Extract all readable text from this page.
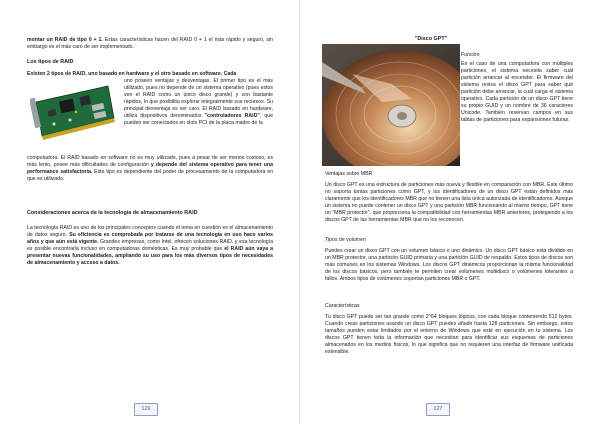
montar un RAID de tipo 0 + 1. Estas características hacen del RAID 0 + 1 el más rápido y seguro, sin embargo es el más caro de ser implementado.

Los tipos de RAID

Existen 2 tipos de RAID, uno basado en hardware y el otro basado en software. Cada

uno poseen ventajas y desventajas. El primer tipo es el más utilizado, pues no depende de un sistema operativo (pues estos ven el RAID como un único disco grande) y son bastante rápidos, lo que posibilita explorar integralmente sus recursos. Su principal desventaja es ser caro. El RAID basado en hardware, utiliza dispositivos denominados "controladores RAID", que pueden ser conectados en slots PCI de la placa madre de la

computadora. El RAID basado en software no es muy utilizado, pues a pesar de ser menos costoso, es más lento, posee más dificultades de configuración y depende del sistema operativo para tener una performance satisfactoria. Este tipo es dependiente del poder de procesamiento de la computadora en que es utilizado.

Consideraciones acerca de la tecnología de almacenamiento RAID

La tecnología RAID es uno de los principales conceptos cuando el tema en cuestión es el almacenamiento de datos seguro. Su eficiencia es comprobada por tratarse de una tecnología en uso hace varios años y que aún está vigente. Grandes empresas, como Intel, ofrecen soluciones RAID, y esa tecnología es posible encontrarla incluso en computadoras domésticas. Es muy probable que el RAID aún vaya a presentar nuevas funcionalidades, ampliando su uso para los más diversos tipos de necesidades de almacenamiento y acceso a datos.

126
"Disco GPT"

Función

En el caso de una computadora con múltiples particiones, el sistema necesita saber cuál partición arrancar al encender. El firmware del sistema revisa el disco GPT para saber qué partición debe arrancar, la cual carga el sistema operativo. Cada partición de un disco GPT tiene su propio GUID y un nombre de 36 caracteres Unicode. También reservan campos en sus tablas de particiones para expansiones futuras.

Ventajas sobre MBR

Un disco GPT es una estructura de particiones más nueva y flexible en comparación con MBR. Este último no soporta tantas particiones como GPT, y los identificadores de un disco GPT están definidos más claramente que los identificadores MBR que no tienen una lista única autorizada de identificadores. Aunque un sistema no puede contener un disco GPT y una partición MBR funcionando al mismo tiempo, GPT tiene un "MBR protector", que proporciona la compatibilidad con herramientas MBR anteriores, protegiendo a los discos GPT de las herramientas MBR que no los reconocen.

Tipos de volumen

Puedes crear un disco GPT con un volumen básico o uno dinámico. Un disco GPT básico está dividido en un MBR protector, una partición GUID primaria y una partición GUID de respaldo. Estos tipos de discos son más comunes en los sistemas Windows. Los discos GPT dinámicos proporcionan la misma funcionalidad de los discos básicos, pero también te permiten crear volúmenes multidisco o volúmenes tolerantes a fallos. Ambos tipos de volúmenes soportan particiones MBR o GPT.

Características

Tu disco GPT puede ser tan grande como 2^64 bloques lógicos, con cada bloque conteniendo 512 bytes. Cuando creas particiones usando un disco GPT puedes añadir hasta 128 particiones. Sin embargo, estos tamaños pueden estar limitados por el entorno de Windows que esté en ejecución en tu sistema. Los discos GPT tienen toda la información que necesitan para identificar sus esquemas de particiones almacenados en los medios físicos, lo que significa que no requieren una interfaz de firmware unificada extensible.

127
